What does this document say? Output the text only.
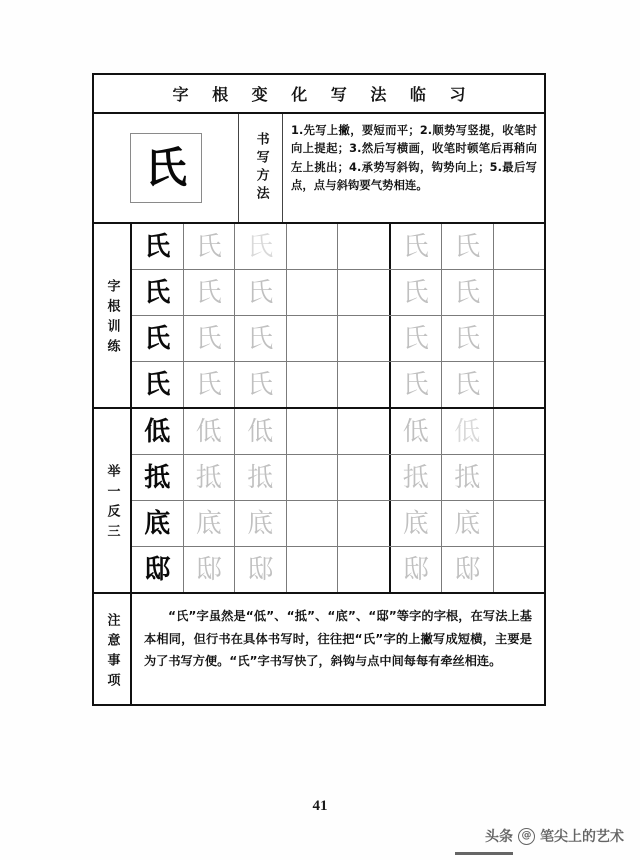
字 根 变 化 写 法 临 习
氏	书写方法
1.先写上撇，要短而平；2.顺势写竖提，收笔时向上提起；3.然后写横画，收笔时顿笔后再稍向左上挑出；4.承势写斜钩，钩势向上；5.最后写点，点与斜钩要气势相连。
字根训练
氏 氏 氏	氏 氏
氏 氏 氏	氏 氏
氏 氏 氏	氏 氏
氏 氏 氏	氏 氏
举一反三
低 低 低	低 低
抵 抵 抵	抵 抵
底 底 底	底 底
邸 邸 邸	邸 邸
注意事项	“氏”字虽然是“低”、“抵”、“底”、“邸”等字的字根，在写法上基本相同，但行书在具体书写时，往往把“氏”字的上撇写成短横，主要是为了书写方便。“氏”字书写快了，斜钩与点中间每每有牵丝相连。
41
头条 @ 笔尖上的艺术
